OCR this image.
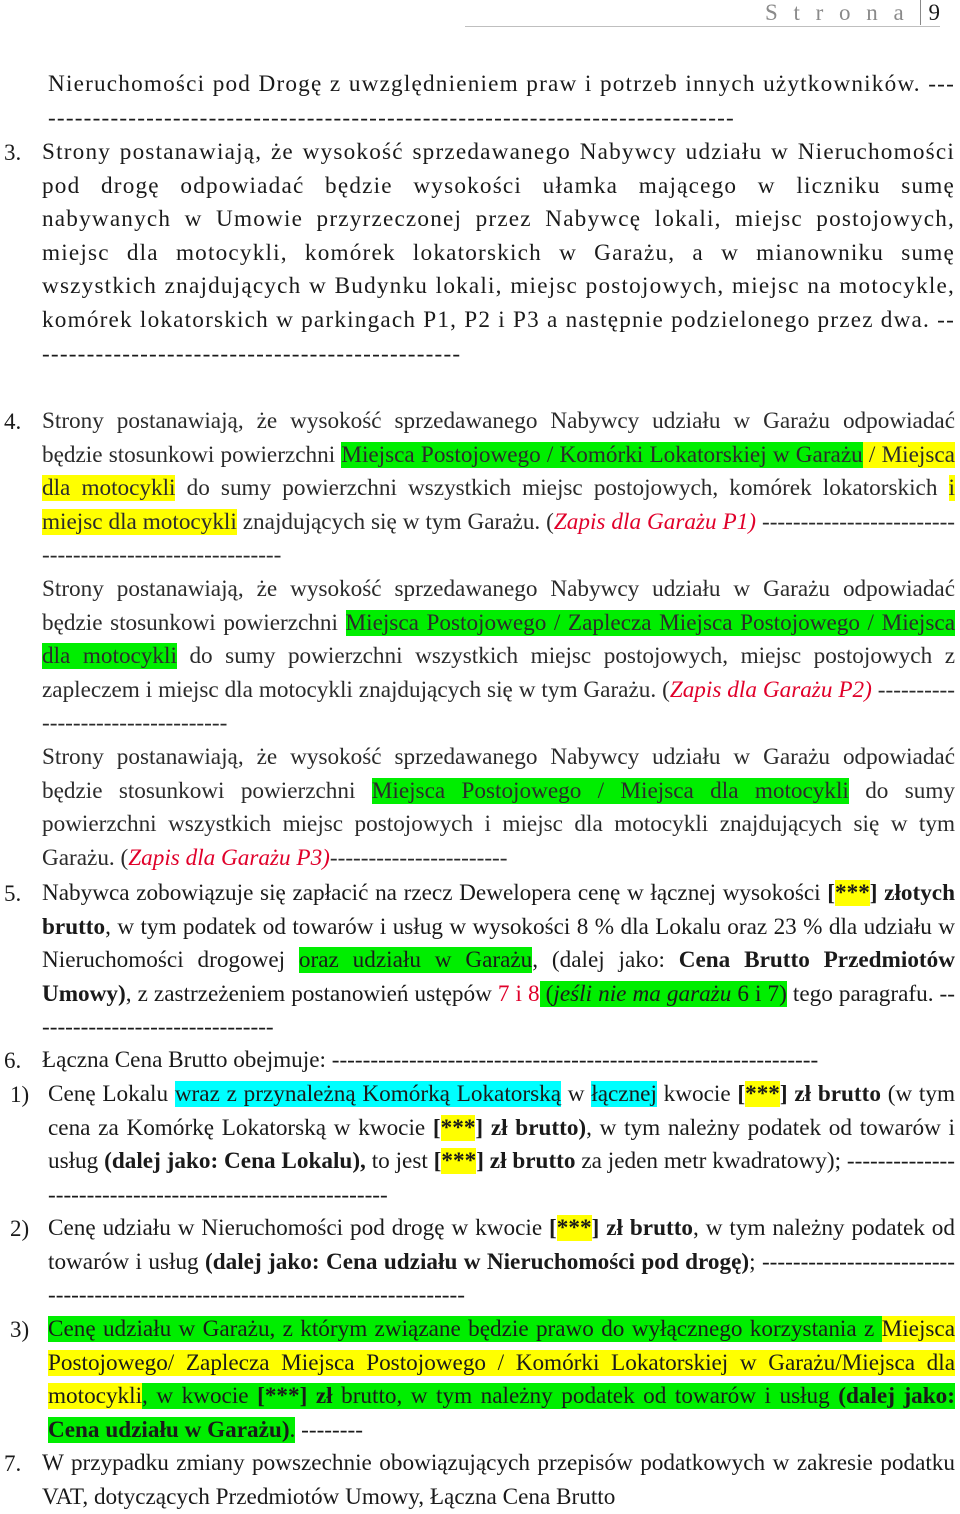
S t r o n a 9

Nieruchomości pod Drogę z uwzględnieniem praw i potrzeb innych użytkowników. --------------------------------------------------------------------------------

3. Strony postanawiają, że wysokość sprzedawanego Nabywcy udziału w Nieruchomości pod drogę odpowiadać będzie wysokości ułamka mającego w liczniku sumę nabywanych w Umowie przyrzeczonej przez Nabywcę lokali, miejsc postojowych, miejsc dla motocykli, komórek lokatorskich w Garażu, a w mianowniku sumę wszystkich znajdujących w Budynku lokali, miejsc postojowych, miejsc na motocykle, komórek lokatorskich w parkingach P1, P2 i P3 a następnie podzielonego przez dwa. -------------------------------------------------

4. Strony postanawiają, że wysokość sprzedawanego Nabywcy udziału w Garażu odpowiadać będzie stosunkowi powierzchni Miejsca Postojowego / Komórki Lokatorskiej w Garażu / Miejsca dla motocykli do sumy powierzchni wszystkich miejsc postojowych, komórek lokatorskich i miejsc dla motocykli znajdujących się w tym Garażu. (Zapis dla Garażu P1) --------------------------------------------------------
Strony postanawiają, że wysokość sprzedawanego Nabywcy udziału w Garażu odpowiadać będzie stosunkowi powierzchni Miejsca Postojowego / Zaplecza Miejsca Postojowego / Miejsca dla motocykli do sumy powierzchni wszystkich miejsc postojowych, miejsc postojowych z zapleczem i miejsc dla motocykli znajdujących się w tym Garażu. (Zapis dla Garażu P2) ----------------------------------
Strony postanawiają, że wysokość sprzedawanego Nabywcy udziału w Garażu odpowiadać będzie stosunkowi powierzchni Miejsca Postojowego / Miejsca dla motocykli do sumy powierzchni wszystkich miejsc postojowych i miejsc dla motocykli znajdujących się w tym Garażu. (Zapis dla Garażu P3)-----------------------

5. Nabywca zobowiązuje się zapłacić na rzecz Dewelopera cenę w łącznej wysokości [***] złotych brutto, w tym podatek od towarów i usług w wysokości 8 % dla Lokalu oraz 23 % dla udziału w Nieruchomości drogowej oraz udziału w Garażu, (dalej jako: Cena Brutto Przedmiotów Umowy), z zastrzeżeniem postanowień ustępów 7 i 8 (jeśli nie ma garażu 6 i 7) tego paragrafu. --------------------------------

6. Łączna Cena Brutto obejmuje: ---------------------------------------------------------------

1) Cenę Lokalu wraz z przynależną Komórką Lokatorską w łącznej kwocie [***] zł brutto (w tym cena za Komórkę Lokatorską w kwocie [***] zł brutto), w tym należny podatek od towarów i usług (dalej jako: Cena Lokalu), to jest [***] zł brutto za jeden metr kwadratowy); ----------------------------------------------------------

2) Cenę udziału w Nieruchomości pod drogę w kwocie [***] zł brutto, w tym należny podatek od towarów i usług (dalej jako: Cena udziału w Nieruchomości pod drogę); -------------------------------------------------------------------------------

3) Cenę udziału w Garażu, z którym związane będzie prawo do wyłącznego korzystania z Miejsca Postojowego/ Zaplecza Miejsca Postojowego / Komórki Lokatorskiej w Garażu/Miejsca dla motocykli, w kwocie [***] zł brutto, w tym należny podatek od towarów i usług (dalej jako: Cena udziału w Garażu). --------

7. W przypadku zmiany powszechnie obowiązujących przepisów podatkowych w zakresie podatku VAT, dotyczących Przedmiotów Umowy, Łączna Cena Brutto
